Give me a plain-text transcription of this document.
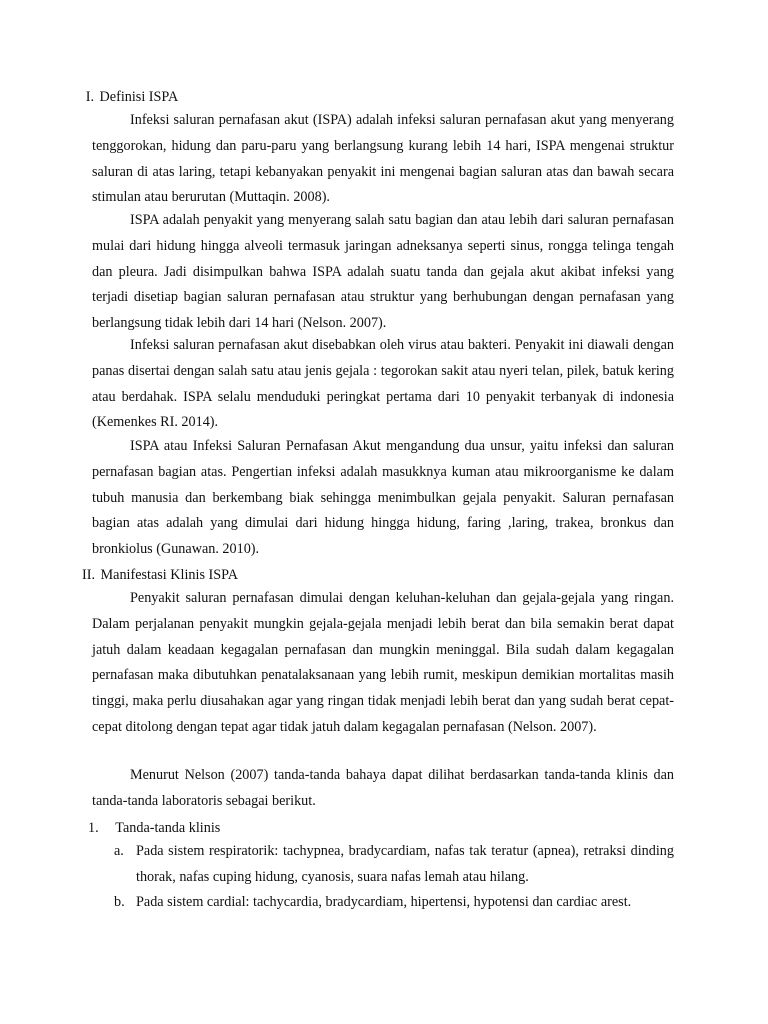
I. Definisi ISPA

Infeksi saluran pernafasan akut (ISPA) adalah infeksi saluran pernafasan akut yang menyerang tenggorokan, hidung dan paru-paru yang berlangsung kurang lebih 14 hari, ISPA mengenai struktur saluran di atas laring, tetapi kebanyakan penyakit ini mengenai bagian saluran atas dan bawah secara stimulan atau berurutan (Muttaqin. 2008).

ISPA adalah penyakit yang menyerang salah satu bagian dan atau lebih dari saluran pernafasan mulai dari hidung hingga alveoli termasuk jaringan adneksanya seperti sinus, rongga telinga tengah dan pleura. Jadi disimpulkan bahwa ISPA adalah suatu tanda dan gejala akut akibat infeksi yang terjadi disetiap bagian saluran pernafasan atau struktur yang berhubungan dengan pernafasan yang berlangsung tidak lebih dari 14 hari (Nelson. 2007).

Infeksi saluran pernafasan akut disebabkan oleh virus atau bakteri. Penyakit ini diawali dengan panas disertai dengan salah satu atau jenis gejala : tegorokan sakit atau nyeri telan, pilek, batuk kering atau berdahak. ISPA selalu menduduki peringkat pertama dari 10 penyakit terbanyak di indonesia (Kemenkes RI. 2014).

ISPA atau Infeksi Saluran Pernafasan Akut mengandung dua unsur, yaitu infeksi dan saluran pernafasan bagian atas. Pengertian infeksi adalah masukknya kuman atau mikroorganisme ke dalam tubuh manusia dan berkembang biak sehingga menimbulkan gejala penyakit. Saluran pernafasan bagian atas adalah yang dimulai dari hidung hingga hidung, faring ,laring, trakea, bronkus dan bronkiolus (Gunawan. 2010).

II. Manifestasi Klinis ISPA

Penyakit saluran pernafasan dimulai dengan keluhan-keluhan dan gejala-gejala yang ringan. Dalam perjalanan penyakit mungkin gejala-gejala menjadi lebih berat dan bila semakin berat dapat jatuh dalam keadaan kegagalan pernafasan dan mungkin meninggal. Bila sudah dalam kegagalan pernafasan maka dibutuhkan penatalaksanaan yang lebih rumit, meskipun demikian mortalitas masih tinggi, maka perlu diusahakan agar yang ringan tidak menjadi lebih berat dan yang sudah berat cepat-cepat ditolong dengan tepat agar tidak jatuh dalam kegagalan pernafasan (Nelson. 2007).

Menurut Nelson (2007) tanda-tanda bahaya dapat dilihat berdasarkan tanda-tanda klinis dan tanda-tanda laboratoris sebagai berikut.

1. Tanda-tanda klinis
a. Pada sistem respiratorik: tachypnea, bradycardiam, nafas tak teratur (apnea), retraksi dinding thorak, nafas cuping hidung, cyanosis, suara nafas lemah atau hilang.
b. Pada sistem cardial: tachycardia, bradycardiam, hipertensi, hypotensi dan cardiac arest.
